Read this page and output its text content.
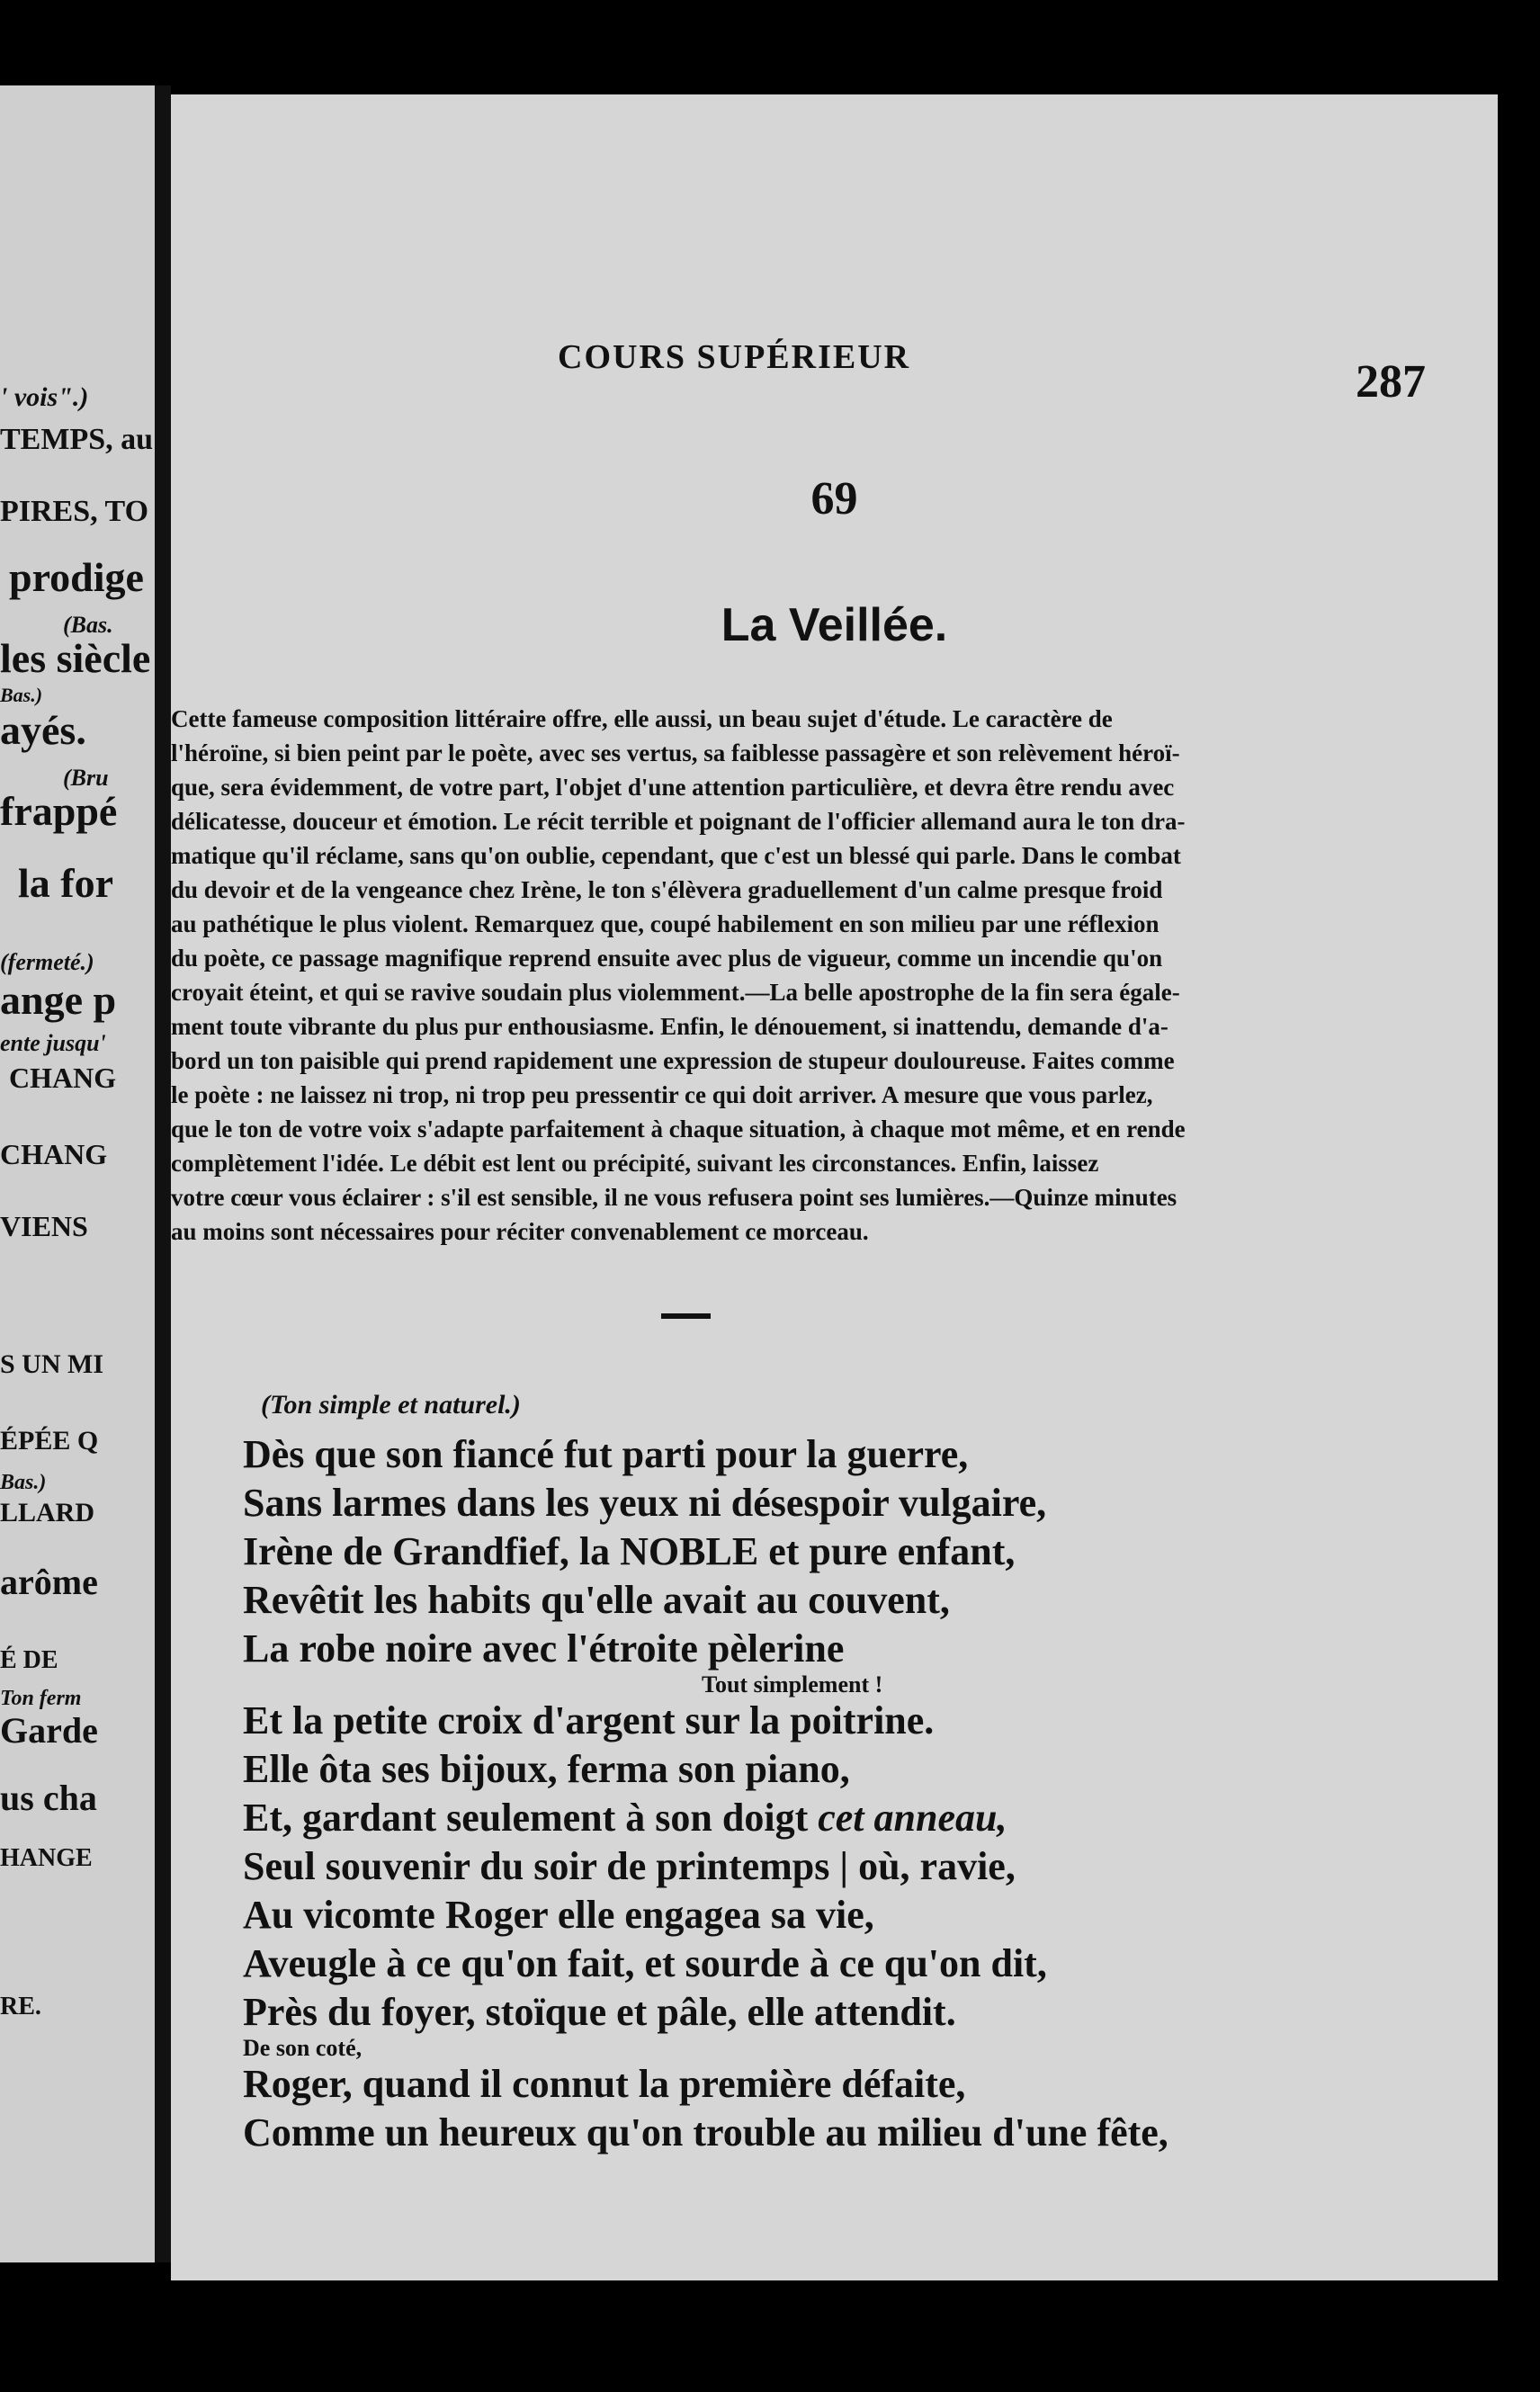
' vois".)
TEMPS, au
PIRES, TO
prodige
(Bas.
les siècle
Bas.)
ayés.
(Bru
frappé
la for
(fermeté.)
ange p
ente jusqu'
CHANG
CHANG
VIENS
S UN MI
ÉPÉE Q
Bas.)
LLARD
arôme
É DE
Ton ferm
Garde
us cha
HANGE
RE.
COURS SUPÉRIEUR	287
69
La Veillée.
Cette fameuse composition littéraire offre, elle aussi, un beau sujet d'étude. Le caractère de
l'héroïne, si bien peint par le poète, avec ses vertus, sa faiblesse passagère et son relèvement héroï-
que, sera évidemment, de votre part, l'objet d'une attention particulière, et devra être rendu avec
délicatesse, douceur et émotion. Le récit terrible et poignant de l'officier allemand aura le ton dra-
matique qu'il réclame, sans qu'on oublie, cependant, que c'est un blessé qui parle. Dans le combat
du devoir et de la vengeance chez Irène, le ton s'élèvera graduellement d'un calme presque froid
au pathétique le plus violent. Remarquez que, coupé habilement en son milieu par une réflexion
du poète, ce passage magnifique reprend ensuite avec plus de vigueur, comme un incendie qu'on
croyait éteint, et qui se ravive soudain plus violemment.—La belle apostrophe de la fin sera égale-
ment toute vibrante du plus pur enthousiasme. Enfin, le dénouement, si inattendu, demande d'a-
bord un ton paisible qui prend rapidement une expression de stupeur douloureuse. Faites comme
le poète : ne laissez ni trop, ni trop peu pressentir ce qui doit arriver. A mesure que vous parlez,
que le ton de votre voix s'adapte parfaitement à chaque situation, à chaque mot même, et en rende
complètement l'idée. Le débit est lent ou précipité, suivant les circonstances. Enfin, laissez
votre cœur vous éclairer : s'il est sensible, il ne vous refusera point ses lumières.—Quinze minutes
au moins sont nécessaires pour réciter convenablement ce morceau.
(Ton simple et naturel.)
Dès que son fiancé fut parti pour la guerre,
Sans larmes dans les yeux ni désespoir vulgaire,
Irène de Grandfief, la NOBLE et pure enfant,
Revêtit les habits qu'elle avait au couvent,
La robe noire avec l'étroite pèlerine
Tout simplement !
Et la petite croix d'argent sur la poitrine.
Elle ôta ses bijoux, ferma son piano,
Et, gardant seulement à son doigt cet anneau,
Seul souvenir du soir de printemps | où, ravie,
Au vicomte Roger elle engagea sa vie,
Aveugle à ce qu'on fait, et sourde à ce qu'on dit,
Près du foyer, stoïque et pâle, elle attendit.
De son coté,
Roger, quand il connut la première défaite,
Comme un heureux qu'on trouble au milieu d'une fête,
